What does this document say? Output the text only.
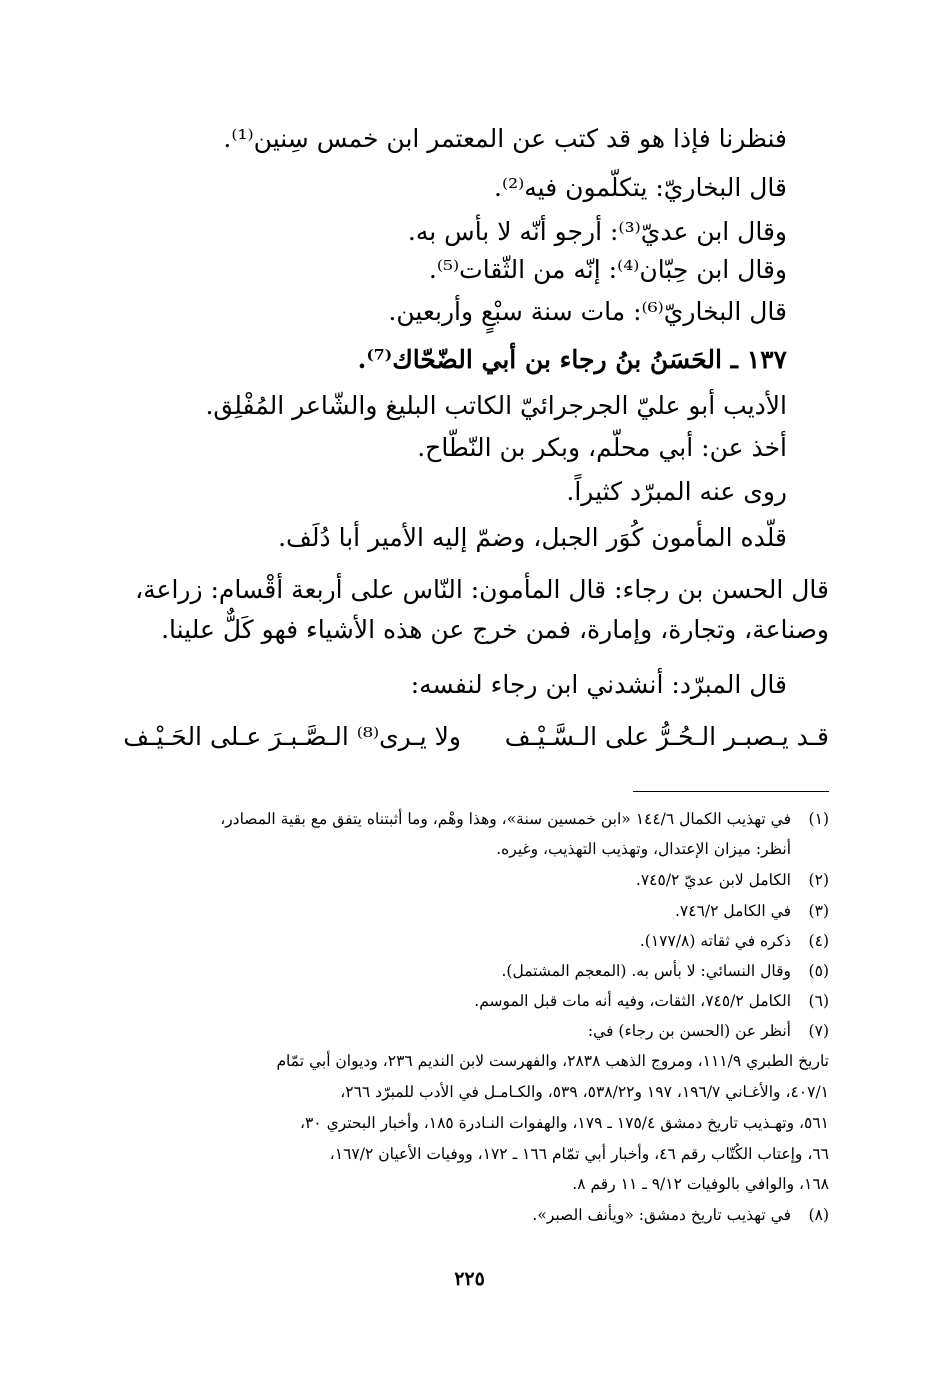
فنظرنا فإذا هو قد كتب عن المعتمر ابن خمس سِنين⁽¹⁾.
قال البخاريّ: يتكلّمون فيه⁽²⁾.
وقال ابن عديّ⁽³⁾: أرجو أنّه لا بأس به.
وقال ابن حِبّان⁽⁴⁾: إنّه من الثّقات⁽⁵⁾.
قال البخاريّ⁽⁶⁾: مات سنة سبْعٍ وأربعين.
١٣٧ ـ الحَسَنُ بنُ رجاء بن أبي الضّحّاك⁽⁷⁾.
الأديب أبو عليّ الجرجرائيّ الكاتب البليغ والشّاعر المُفْلِق.
أخذ عن: أبي محلّم، وبكر بن النّطّاح.
روى عنه المبرّد كثيراً.
قلّده المأمون كُوَر الجبل، وضمّ إليه الأمير أبا دُلَف.
قال الحسن بن رجاء: قال المأمون: النّاس على أربعة أقْسام: زراعة،
وصناعة، وتجارة، وإمارة، فمن خرج عن هذه الأشياء فهو كَلٌّ علينا.
قال المبرّد: أنشدني ابن رجاء لنفسه:
قـد يـصبـر الـحُـرُّ على الـسَّـيْـف
ولا يـرى⁽⁸⁾ الـصَّـبـرَ عـلى الحَـيْـف
(١)في تهذيب الكمال ١٤٤/٦ «ابن خمسين سنة»، وهذا وهْم، وما أثبتناه يتفق مع بقية المصادر،
أنظر: ميزان الإعتدال، وتهذيب التهذيب، وغيره.
(٢)الكامل لابن عديّ ٧٤٥/٢.
(٣)في الكامل ٧٤٦/٢.
(٤)ذكره في ثقاته (١٧٧/٨).
(٥)وقال النسائي: لا بأس به. (المعجم المشتمل).
(٦)الكامل ٧٤٥/٢، الثقات، وفيه أنه مات قبل الموسم.
(٧)أنظر عن (الحسن بن رجاء) في:
تاريخ الطبري ١١١/٩، ومروج الذهب ٢٨٣٨، والفهرست لابن النديم ٢٣٦، وديوان أبي تمّام
٤٠٧/١، والأغـاني ١٩٦/٧، ١٩٧ و٥٣٨/٢٢، ٥٣٩، والكـامـل في الأدب للمبرّد ٢٦٦،
٥٦١، وتهـذيب تاريخ دمشق ١٧٥/٤ ـ ١٧٩، والهفوات النـادرة ١٨٥، وأخبار البحتري ٣٠،
٦٦، وإعتاب الكُتّاب رقم ٤٦، وأخبار أبي تمّام ١٦٦ ـ ١٧٢، ووفيات الأعيان ١٦٧/٢،
١٦٨، والوافي بالوفيات ٩/١٢ ـ ١١ رقم ٨.
(٨)في تهذيب تاريخ دمشق: «ويأنف الصبر».
٢٢٥
